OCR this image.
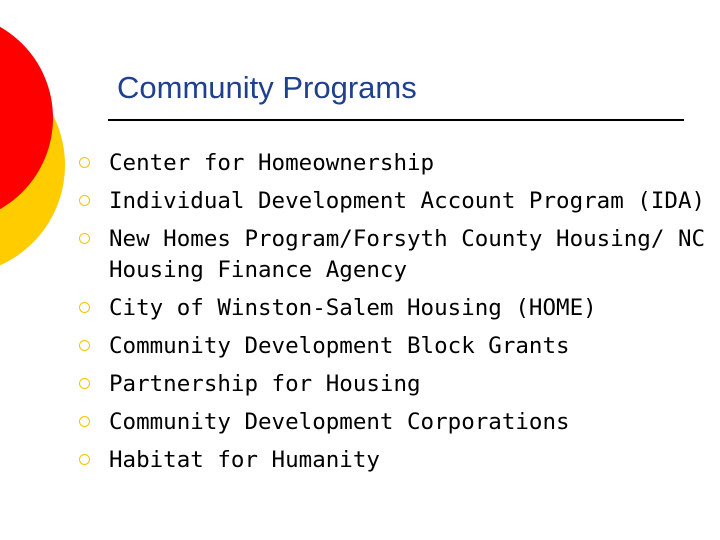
Community Programs
Center for Homeownership
Individual Development Account Program (IDA)
New Homes Program/Forsyth County Housing/ NC Housing Finance Agency
City of Winston-Salem Housing (HOME)
Community Development Block Grants
Partnership for Housing
Community Development Corporations
Habitat for Humanity
